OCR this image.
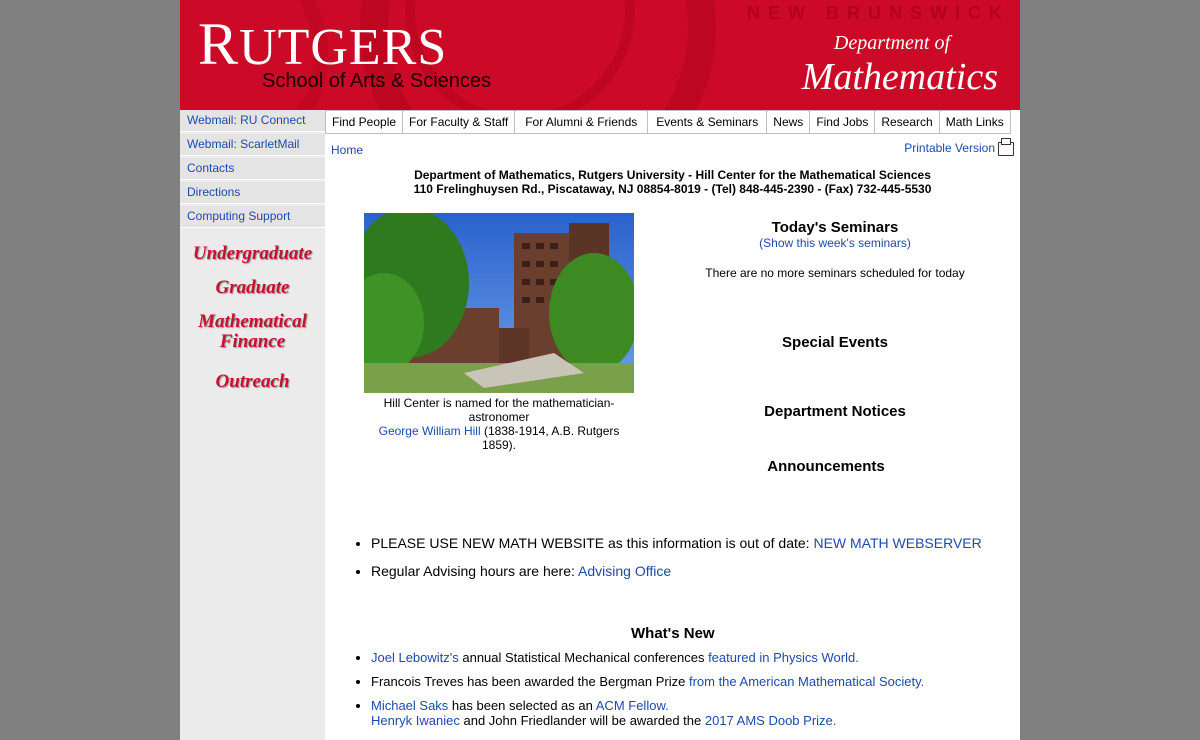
RUTGERS
School of Arts & Sciences
NEW BRUNSWICK
Department of
Mathematics
Webmail: RU Connect
Webmail: ScarletMail
Contacts
Directions
Computing Support
Undergraduate
Graduate
Mathematical Finance
Outreach
Find People	For Faculty & Staff	For Alumni & Friends	Events & Seminars	News	Find Jobs	Research	Math Links
Home	Printable Version
Department of Mathematics, Rutgers University - Hill Center for the Mathematical Sciences
110 Frelinghuysen Rd., Piscataway, NJ 08854-8019 - (Tel) 848-445-2390 - (Fax) 732-445-5530
Hill Center is named for the mathematician-astronomer
George William Hill (1838-1914, A.B. Rutgers 1859).
Today's Seminars
(Show this week's seminars)
There are no more seminars scheduled for today
Special Events
Department Notices
Announcements
• PLEASE USE NEW MATH WEBSITE as this information is out of date: NEW MATH WEBSERVER
• Regular Advising hours are here: Advising Office
What's New
• Joel Lebowitz's annual Statistical Mechanical conferences featured in Physics World.
• Francois Treves has been awarded the Bergman Prize from the American Mathematical Society.
• Michael Saks has been selected as an ACM Fellow.
Henryk Iwaniec and John Friedlander will be awarded the 2017 AMS Doob Prize.
